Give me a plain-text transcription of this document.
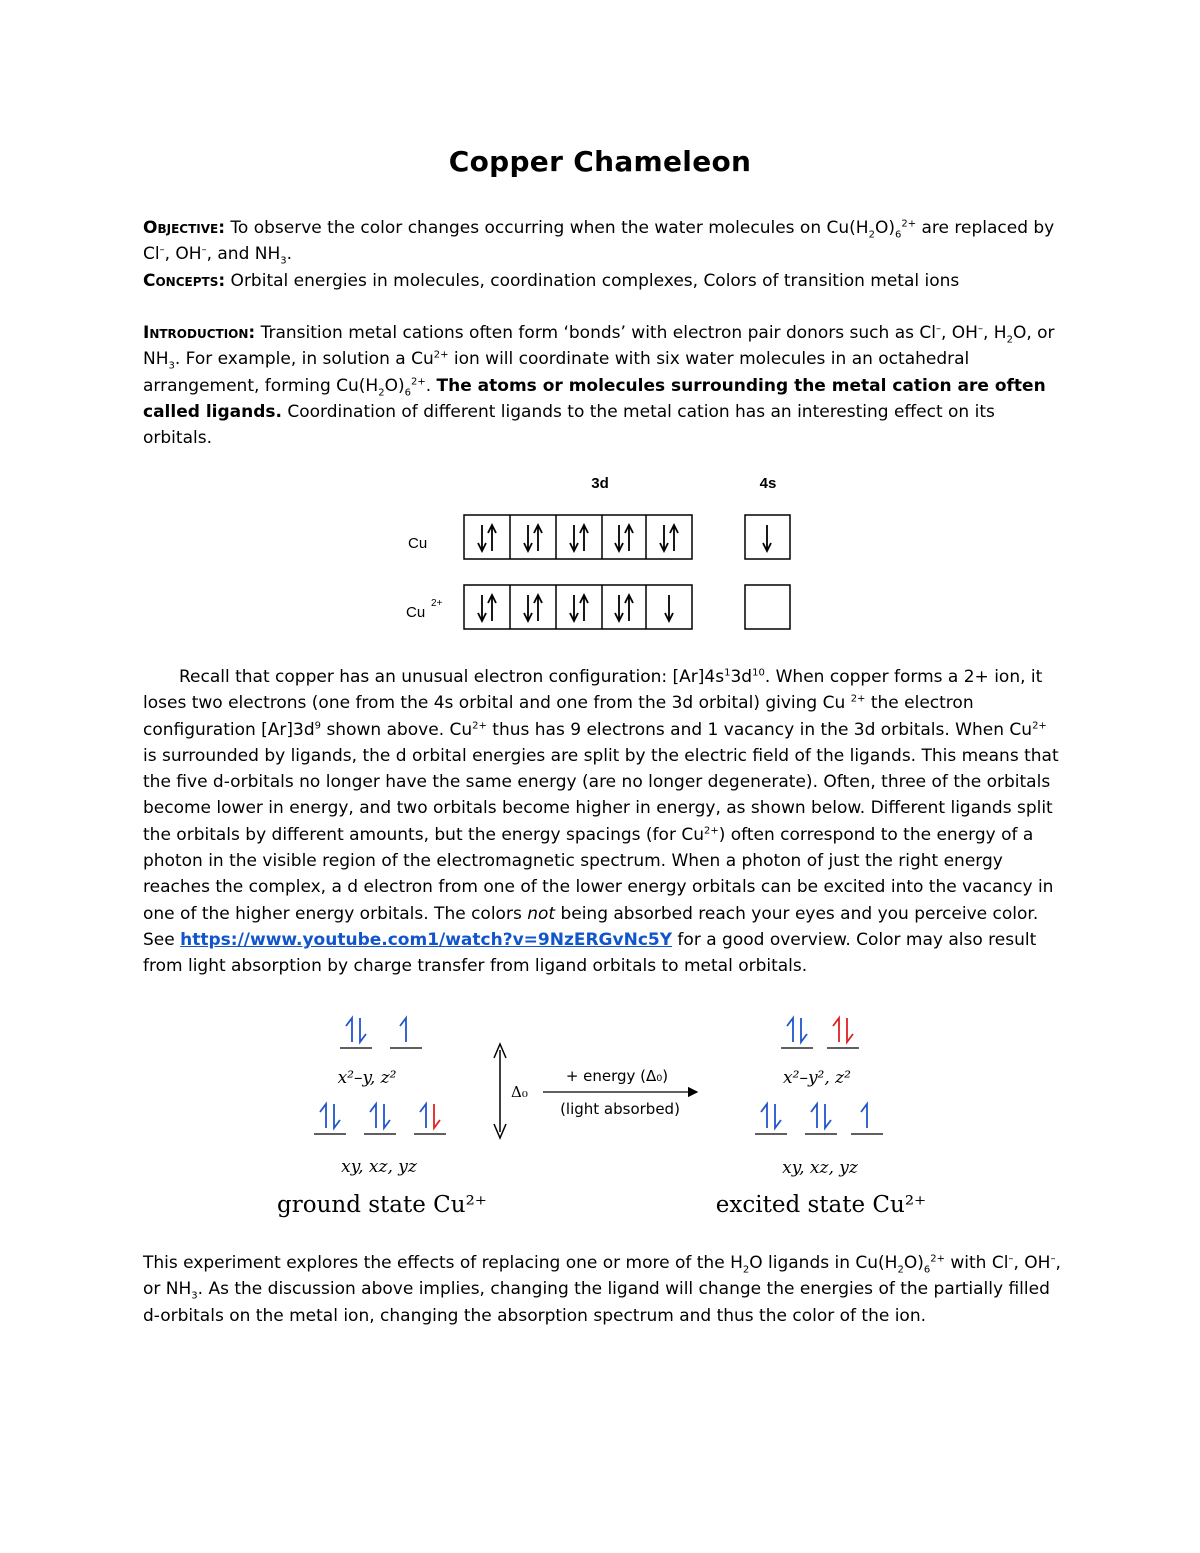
Copper Chameleon
Objective: To observe the color changes occurring when the water molecules on $Cu(H_2O)_6^{2+}$ are replaced by Cl–, OH–, and $NH_3$.
Concepts: Orbital energies in molecules, coordination complexes, Colors of transition metal ions
Introduction: Transition metal cations often form ‘bonds’ with electron pair donors such as Cl–, OH–, $H_2O$, or $NH_3$. For example, in solution a $Cu^{2+}$ ion will coordinate with six water molecules in an octahedral arrangement, forming $Cu(H_2O)_6^{2+}$. The atoms or molecules surrounding the metal cation are often called ligands. Coordination of different ligands to the metal cation has an interesting effect on its orbitals.
3d	4s
Cu
Cu
2+
Recall that copper has an unusual electron configuration: $[Ar]4s^13d^{10}$. When copper forms a 2+ ion, it loses two electrons (one from the 4s orbital and one from the 3d orbital) giving Cu $^{2+}$ the electron configuration $[Ar]3d^9$ shown above. $Cu^{2+}$ thus has 9 electrons and 1 vacancy in the 3d orbitals. When $Cu^{2+}$ is surrounded by ligands, the d orbital energies are split by the electric field of the ligands. This means that the five d-orbitals no longer have the same energy (are no longer degenerate). Often, three of the orbitals become lower in energy, and two orbitals become higher in energy, as shown below. Different ligands split the orbitals by different amounts, but the energy spacings (for $Cu^{2+}$) often correspond to the energy of a photon in the visible region of the electromagnetic spectrum. When a photon of just the right energy reaches the complex, a d electron from one of the lower energy orbitals can be excited into the vacancy in one of the higher energy orbitals. The colors not being absorbed reach your eyes and you perceive color. See https://www.youtube.com1/watch?v=9NzERGvNc5Y for a good overview. Color may also result from light absorption by charge transfer from ligand orbitals to metal orbitals.
x²–y, z²	x²–y², z²
xy, xz, yz	xy, xz, yz
Δ₀
+ energy (Δ₀)
(light absorbed)
ground state Cu²⁺	excited state Cu²⁺
This experiment explores the effects of replacing one or more of the $H_2O$ ligands in $Cu(H_2O)_6^{2+}$ with Cl–, OH–, or $NH_3$. As the discussion above implies, changing the ligand will change the energies of the partially filled d-orbitals on the metal ion, changing the absorption spectrum and thus the color of the ion.
